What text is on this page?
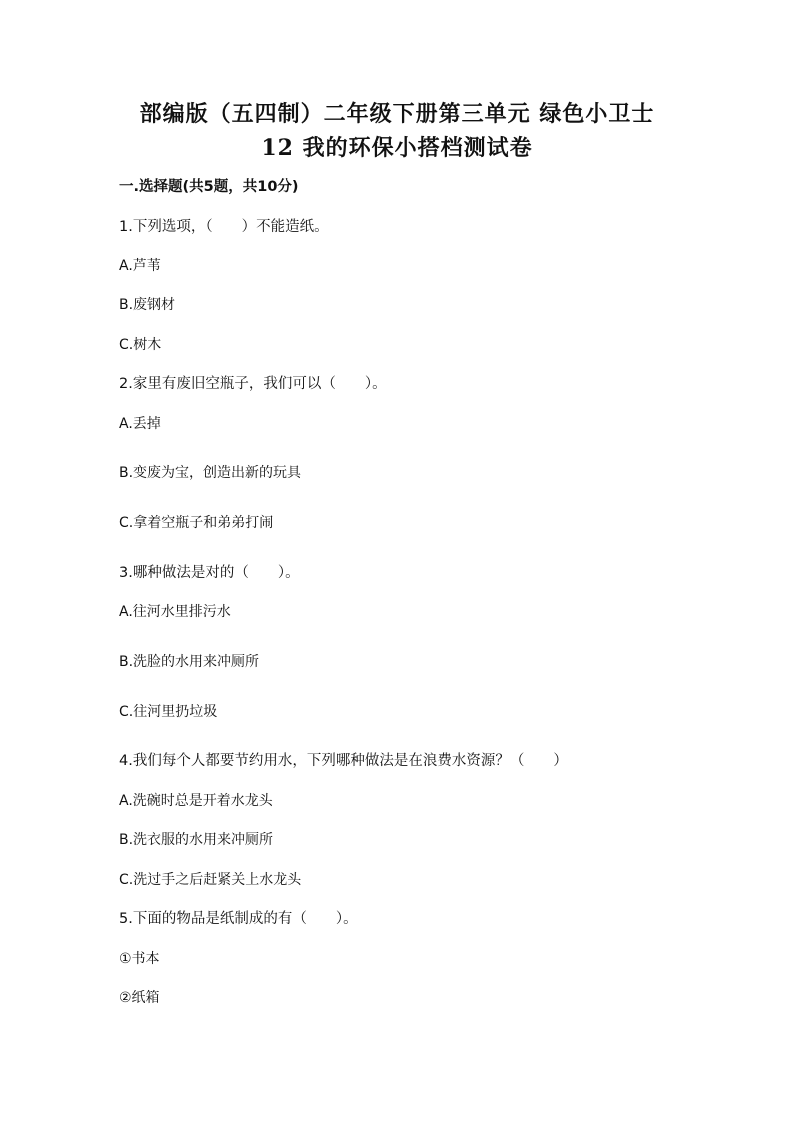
部编版（五四制）二年级下册第三单元 绿色小卫士
12 我的环保小搭档测试卷
一.选择题(共5题，共10分)
1.下列选项，（　　）不能造纸。
A.芦苇
B.废钢材
C.树木
2.家里有废旧空瓶子，我们可以（　　）。
A.丢掉
B.变废为宝，创造出新的玩具
C.拿着空瓶子和弟弟打闹
3.哪种做法是对的（　　）。
A.往河水里排污水
B.洗脸的水用来冲厕所
C.往河里扔垃圾
4.我们每个人都要节约用水，下列哪种做法是在浪费水资源？（　　）
A.洗碗时总是开着水龙头
B.洗衣服的水用来冲厕所
C.洗过手之后赶紧关上水龙头
5.下面的物品是纸制成的有（　　）。
①书本
②纸箱
